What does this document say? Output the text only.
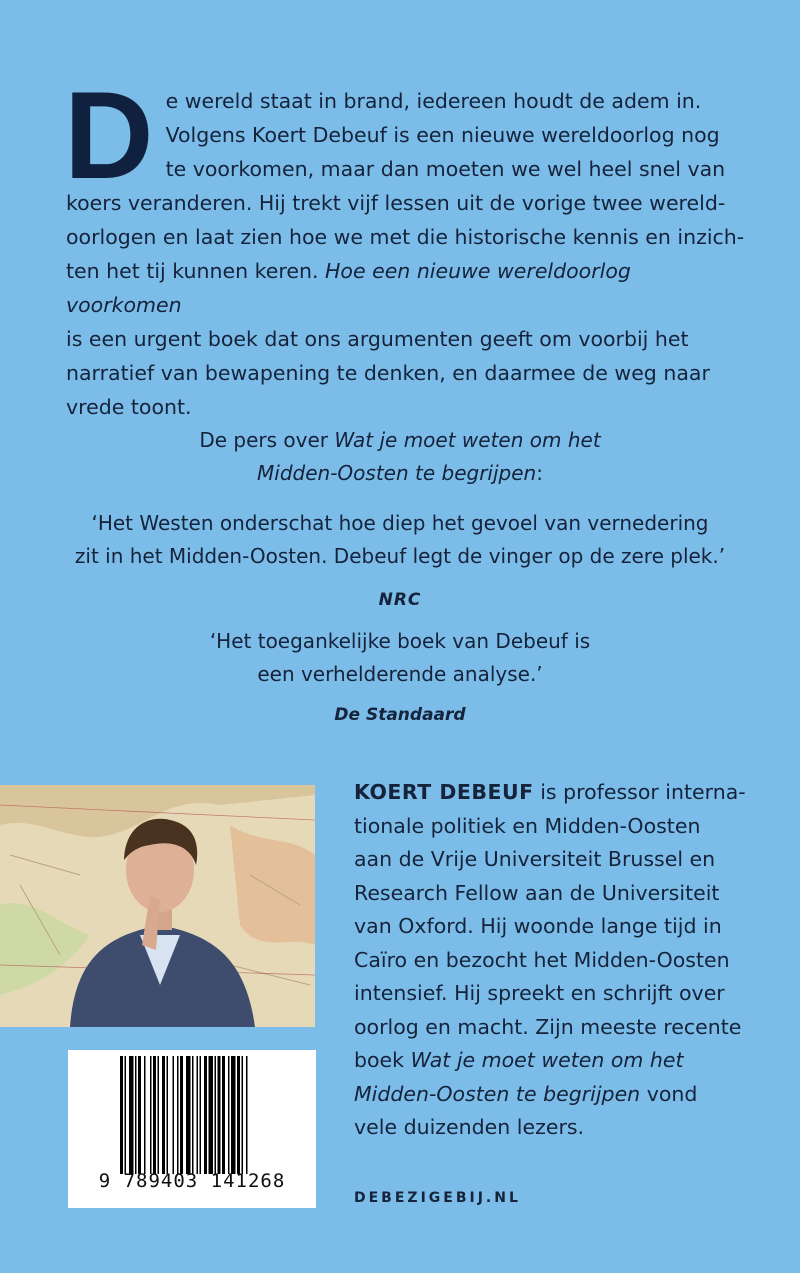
D e wereld staat in brand, iedereen houdt de adem in.
Volgens Koert Debeuf is een nieuwe wereldoorlog nog
te voorkomen, maar dan moeten we wel heel snel van
koers veranderen. Hij trekt vijf lessen uit de vorige twee wereld-
oorlogen en laat zien hoe we met die historische kennis en inzich-
ten het tij kunnen keren. Hoe een nieuwe wereldoorlog voorkomen
is een urgent boek dat ons argumenten geeft om voorbij het
narratief van bewapening te denken, en daarmee de weg naar
vrede toont.

De pers over Wat je moet weten om het
Midden-Oosten te begrijpen:
‘Het Westen onderschat hoe diep het gevoel van vernedering
zit in het Midden-Oosten. Debeuf legt de vinger op de zere plek.’
NRC
‘Het toegankelijke boek van Debeuf is
een verhelderende analyse.’
De Standaard
9 789403 141268
KOERT DEBEUF is professor interna-
tionale politiek en Midden-Oosten
aan de Vrije Universiteit Brussel en
Research Fellow aan de Universiteit
van Oxford. Hij woonde lange tijd in
Caïro en bezocht het Midden-Oosten
intensief. Hij spreekt en schrijft over
oorlog en macht. Zijn meeste recente
boek Wat je moet weten om het
Midden-Oosten te begrijpen vond
vele duizenden lezers.
DEBEZIGEBIJ.NL
